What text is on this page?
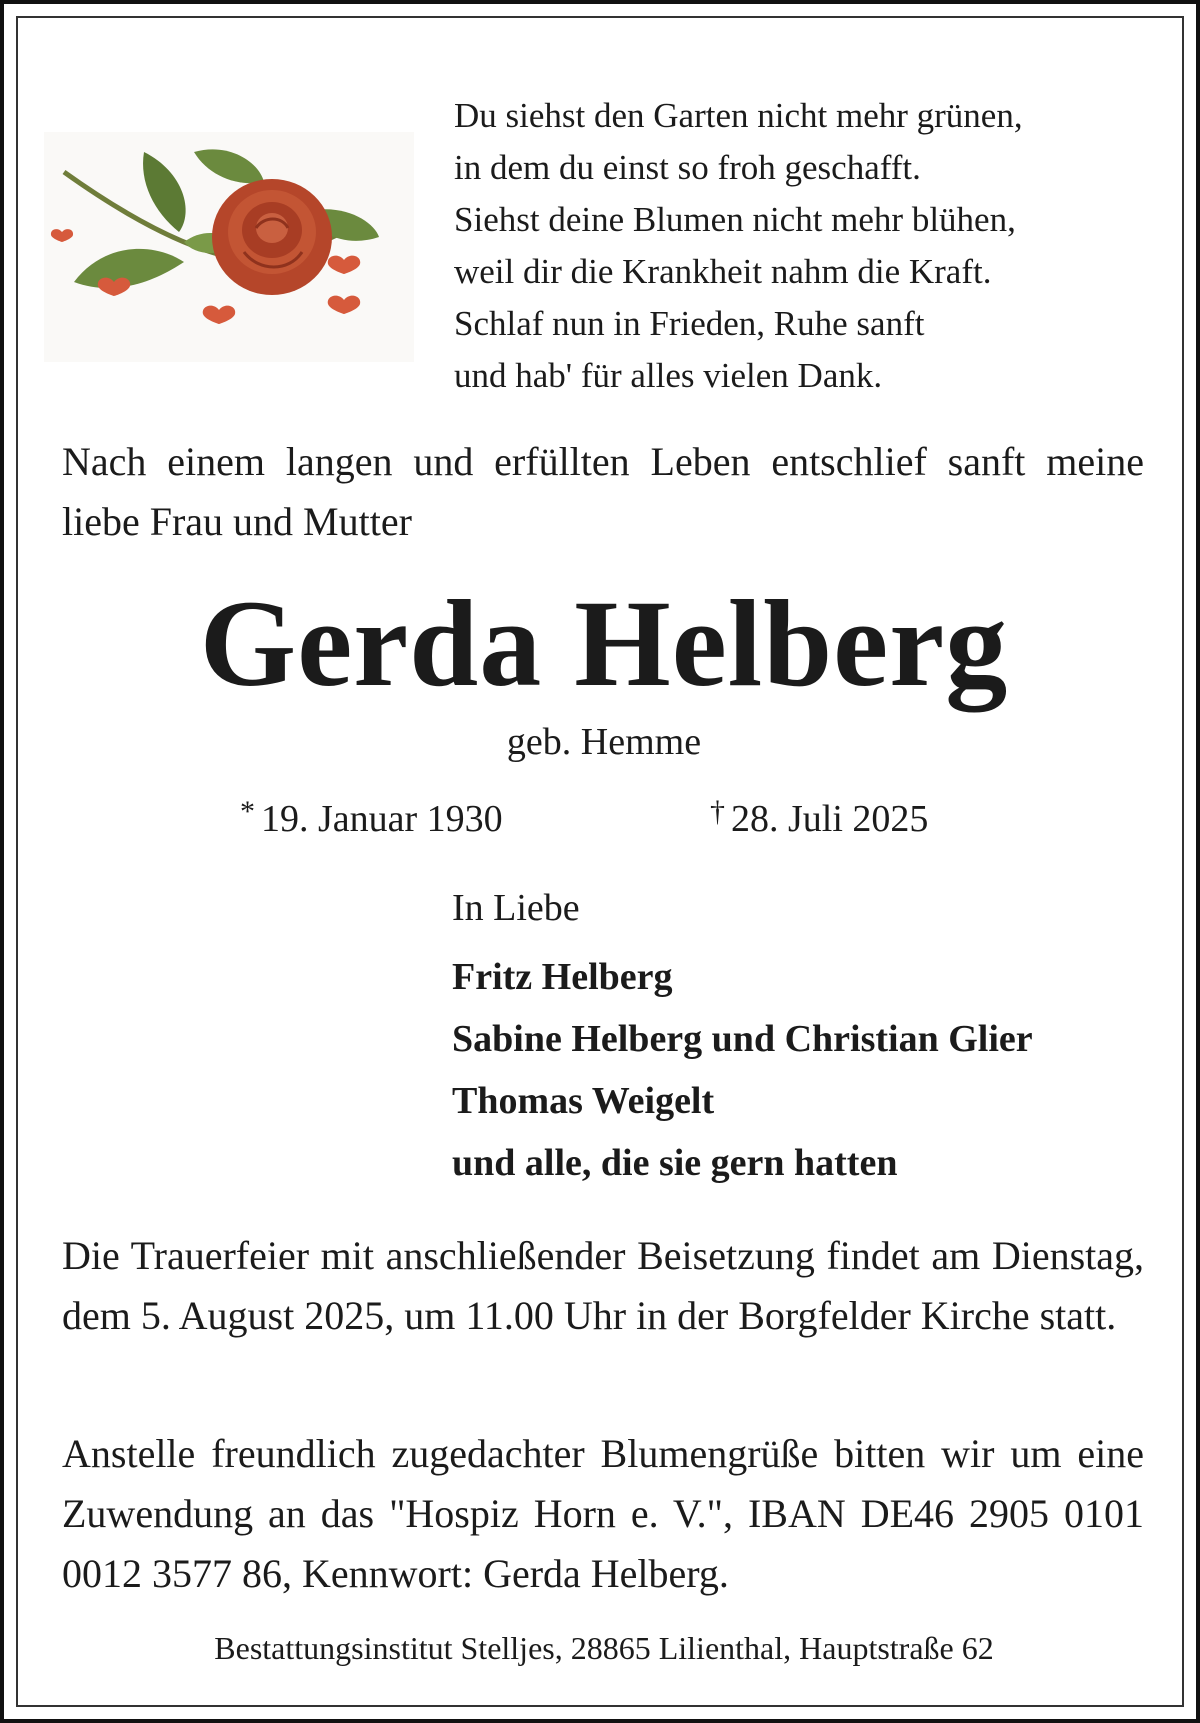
Du siehst den Garten nicht mehr grünen,
in dem du einst so froh geschafft.
Siehst deine Blumen nicht mehr blühen,
weil dir die Krankheit nahm die Kraft.
Schlaf nun in Frieden, Ruhe sanft
und hab' für alles vielen Dank.
Nach einem langen und erfüllten Leben entschlief sanft meine liebe Frau und Mutter
Gerda Helberg
geb. Hemme
* 19. Januar 1930	† 28. Juli 2025
In Liebe
Fritz Helberg
Sabine Helberg und Christian Glier
Thomas Weigelt
und alle, die sie gern hatten
Die Trauerfeier mit anschließender Beisetzung findet am Dienstag, dem 5. August 2025, um 11.00 Uhr in der Borgfelder Kirche statt.
Anstelle freundlich zugedachter Blumengrüße bitten wir um eine Zuwendung an das "Hospiz Horn e. V.", IBAN DE46 2905 0101 0012 3577 86, Kennwort: Gerda Helberg.
Bestattungsinstitut Stelljes, 28865 Lilienthal, Hauptstraße 62
